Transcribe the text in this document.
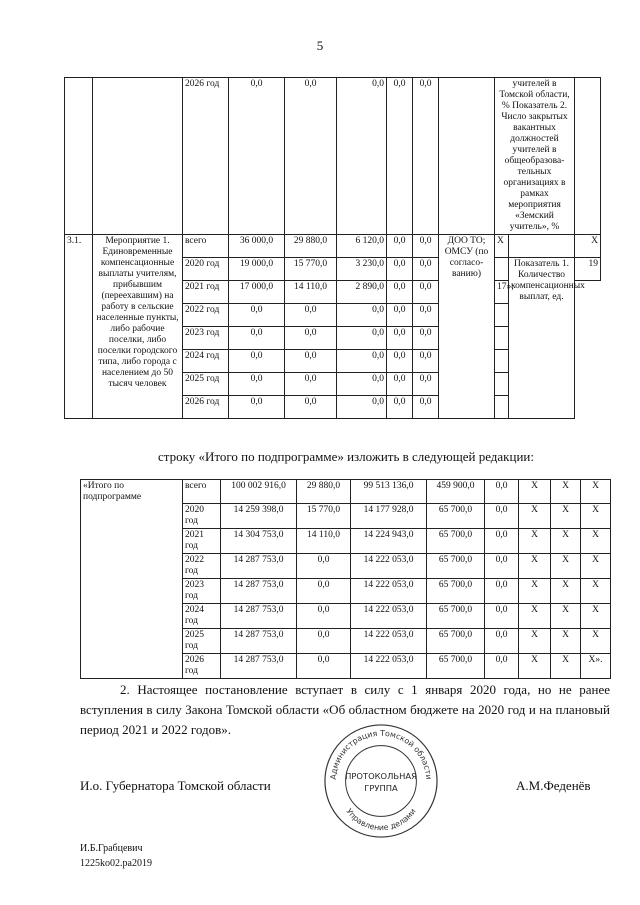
5
		2026 год	0,0	0,0	0,0	0,0	0,0		учителей в Томской области, % Показатель 2. Число закрытых вакантных должностей учителей в общеобразова-тельных организациях в рамках мероприятия «Земский учитель», %		
3.1.	Мероприятие 1. Единовременные компенсационные выплаты учителям, прибывшим (переехавшим) на работу в сельские населенные пункты, либо рабочие поселки, либо поселки городского типа, либо города с населением до 50 тысяч человек	всего	36 000,0	29 880,0	6 120,0	0,0	0,0	ДОО ТО; ОМСУ (по согласо-ванию)	X		X
		2020 год	19 000,0	15 770,0	3 230,0	0,0	0,0			Показатель 1. Количество компенсационных выплат, ед.	19
		2021 год	17 000,0	14 110,0	2 890,0	0,0	0,0		17»;		
		2022 год	0,0	0,0	0,0	0,0	0,0				
		2023 год	0,0	0,0	0,0	0,0	0,0				
		2024 год	0,0	0,0	0,0	0,0	0,0				
		2025 год	0,0	0,0	0,0	0,0	0,0				
		2026 год	0,0	0,0	0,0	0,0	0,0				
строку «Итого по подпрограмме» изложить в следующей редакции:
«Итого по подпрограмме	всего	100 002 916,0	29 880,0	99 513 136,0	459 900,0	0,0	X	X	X
	2020 год	14 259 398,0	15 770,0	14 177 928,0	65 700,0	0,0	X	X	X
	2021 год	14 304 753,0	14 110,0	14 224 943,0	65 700,0	0,0	X	X	X
	2022 год	14 287 753,0	0,0	14 222 053,0	65 700,0	0,0	X	X	X
	2023 год	14 287 753,0	0,0	14 222 053,0	65 700,0	0,0	X	X	X
	2024 год	14 287 753,0	0,0	14 222 053,0	65 700,0	0,0	X	X	X
	2025 год	14 287 753,0	0,0	14 222 053,0	65 700,0	0,0	X	X	X
	2026 год	14 287 753,0	0,0	14 222 053,0	65 700,0	0,0	X	X	X».
2. Настоящее постановление вступает в силу с 1 января 2020 года, но не ранее вступления в силу Закона Томской области «Об областном бюджете на 2020 год и на плановый период 2021 и 2022 годов».
И.о. Губернатора Томской области	А.М.Феденёв
Администрация Томской области
Управление делами
ПРОТОКОЛЬНАЯ
ГРУППА
И.Б.Грабцевич
1225ko02.pa2019
